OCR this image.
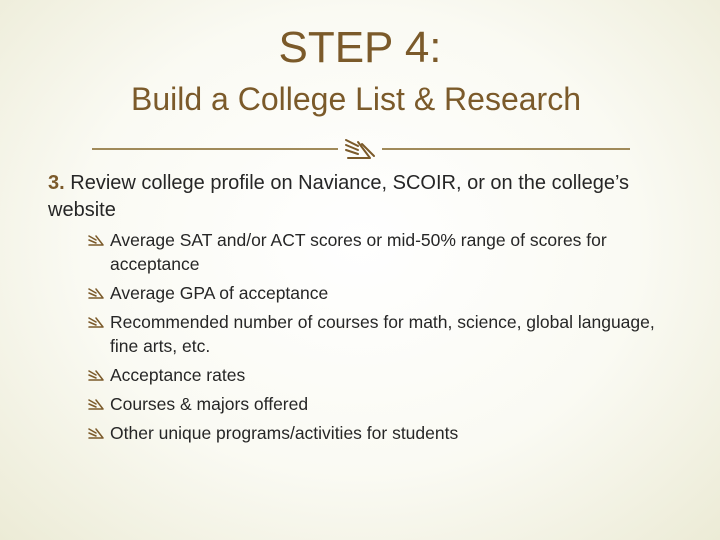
STEP 4:
Build a College List & Research
3. Review college profile on Naviance, SCOIR, or on the college’s website
Average SAT and/or ACT scores or mid-50% range of scores for acceptance
Average GPA of acceptance
Recommended number of courses for math, science, global language, fine arts, etc.
Acceptance rates
Courses & majors offered
Other unique programs/activities for students
